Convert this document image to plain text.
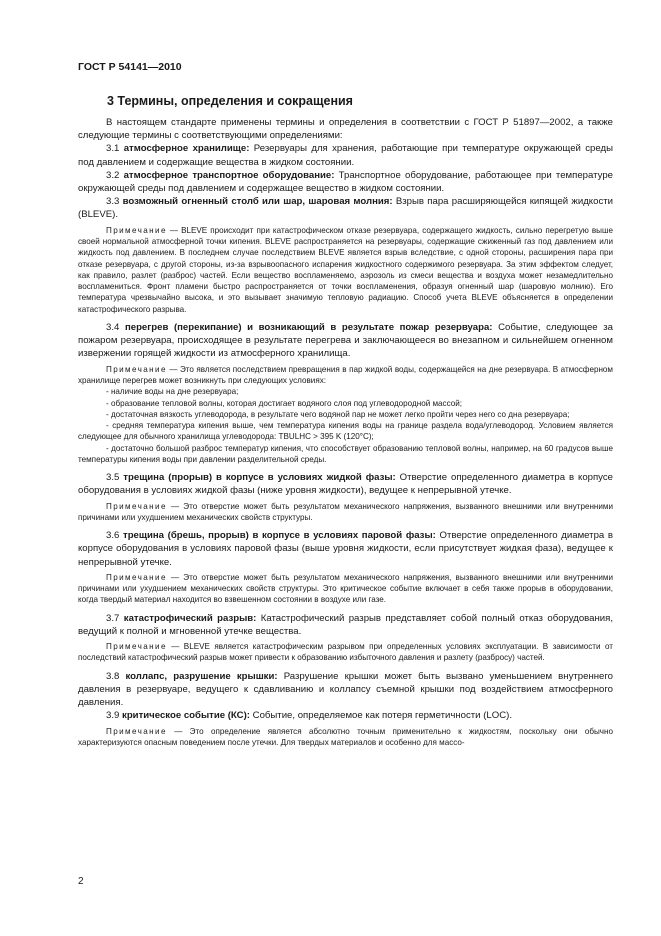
ГОСТ Р 54141—2010
3 Термины, определения и сокращения

В настоящем стандарте применены термины и определения в соответствии с ГОСТ Р 51897—2002, а также следующие термины с соответствующими определениями:

3.1 атмосферное хранилище: Резервуары для хранения, работающие при температуре окружающей среды под давлением и содержащие вещества в жидком состоянии.

3.2 атмосферное транспортное оборудование: Транспортное оборудование, работающее при температуре окружающей среды под давлением и содержащее вещество в жидком состоянии.

3.3 возможный огненный столб или шар, шаровая молния: Взрыв пара расширяющейся кипящей жидкости (BLEVE).

Примечание — BLEVE происходит при катастрофическом отказе резервуара, содержащего жидкость, сильно перегретую выше своей нормальной атмосферной точки кипения. BLEVE распространяется на резервуары, содержащие сжиженный газ под давлением или жидкость под давлением. В последнем случае последствием BLEVE является взрыв вследствие, с одной стороны, расширения пара при отказе резервуара, с другой стороны, из-за взрывоопасного испарения жидкостного содержимого резервуара. За этим эффектом следует, как правило, разлет (разброс) частей. Если вещество воспламеняемо, аэрозоль из смеси вещества и воздуха может незамедлительно воспламениться. Фронт пламени быстро распространяется от точки воспламенения, образуя огненный шар (шаровую молнию). Его температура чрезвычайно высока, и это вызывает значимую тепловую радиацию. Способ учета BLEVE объясняется в определении катастрофического разрыва.

3.4 перегрев (перекипание) и возникающий в результате пожар резервуара: Событие, следующее за пожаром резервуара, происходящее в результате перегрева и заключающееся во внезапном и сильнейшем огненном извержении горящей жидкости из атмосферного хранилища.

Примечание — Это является последствием превращения в пар жидкой воды, содержащейся на дне резервуара. В атмосферном хранилище перегрев может возникнуть при следующих условиях:

- наличие воды на дне резервуара;

- образование тепловой волны, которая достигает водяного слоя под углеводородной массой;

- достаточная вязкость углеводорода, в результате чего водяной пар не может легко пройти через него со дна резервуара;

- средняя температура кипения выше, чем температура кипения воды на границе раздела вода/углеводород. Условием является следующее для обычного хранилища углеводорода: TBULHC > 395 K (120°C);

- достаточно большой разброс температур кипения, что способствует образованию тепловой волны, например, на 60 градусов выше температуры кипения воды при давлении разделительной среды.

3.5 трещина (прорыв) в корпусе в условиях жидкой фазы: Отверстие определенного диаметра в корпусе оборудования в условиях жидкой фазы (ниже уровня жидкости), ведущее к непрерывной утечке.

Примечание — Это отверстие может быть результатом механического напряжения, вызванного внешними или внутренними причинами или ухудшением механических свойств структуры.

3.6 трещина (брешь, прорыв) в корпусе в условиях паровой фазы: Отверстие определенного диаметра в корпусе оборудования в условиях паровой фазы (выше уровня жидкости, если присутствует жидкая фаза), ведущее к непрерывной утечке.

Примечание — Это отверстие может быть результатом механического напряжения, вызванного внешними или внутренними причинами или ухудшением механических свойств структуры. Это критическое событие включает в себя также прорыв в оборудовании, когда твердый материал находится во взвешенном состоянии в воздухе или газе.

3.7 катастрофический разрыв: Катастрофический разрыв представляет собой полный отказ оборудования, ведущий к полной и мгновенной утечке вещества.

Примечание — BLEVE является катастрофическим разрывом при определенных условиях эксплуатации. В зависимости от последствий катастрофический разрыв может привести к образованию избыточного давления и разлету (разбросу) частей.

3.8 коллапс, разрушение крышки: Разрушение крышки может быть вызвано уменьшением внутреннего давления в резервуаре, ведущего к сдавливанию и коллапсу съемной крышки под воздействием атмосферного давления.

3.9 критическое событие (КС): Событие, определяемое как потеря герметичности (LOC).

Примечание — Это определение является абсолютно точным применительно к жидкостям, поскольку они обычно характеризуются опасным поведением после утечки. Для твердых материалов и особенно для массо-

2
